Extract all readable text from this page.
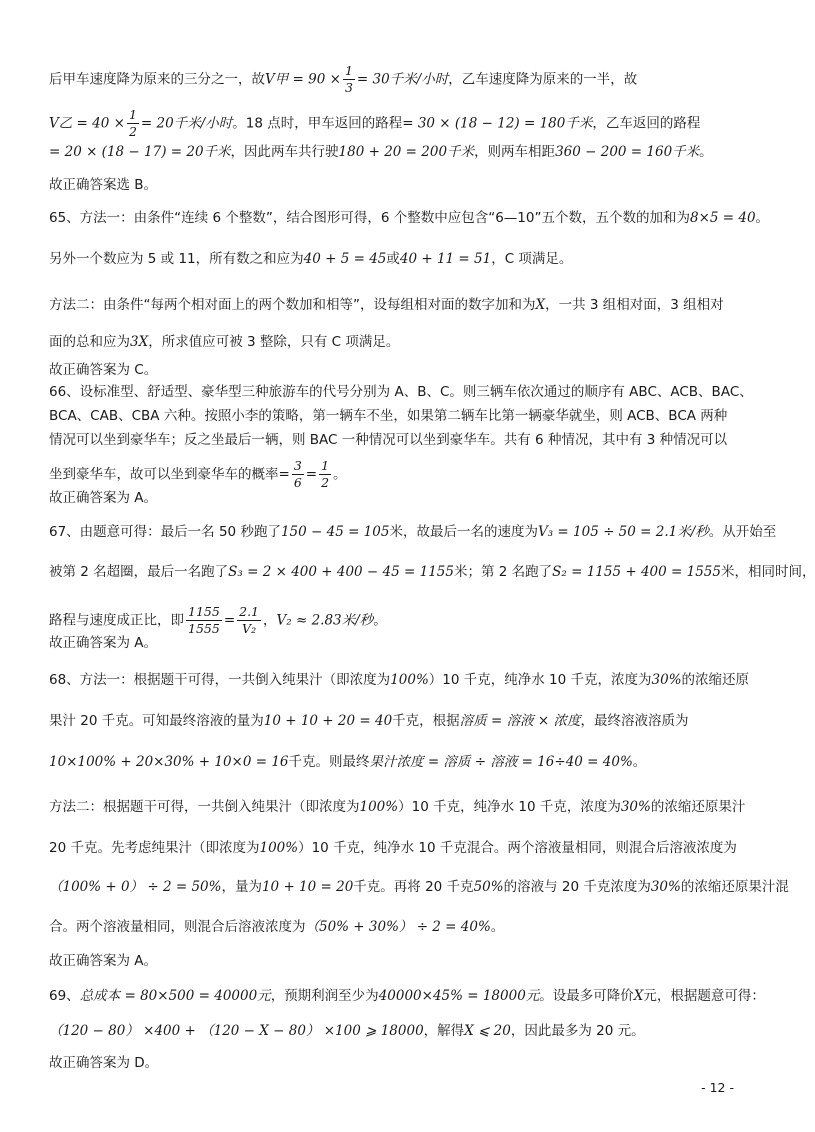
后甲车速度降为原来的三分之一，故V甲 = $90 \times \frac{1}{3} = 30$千米/小时，乙车速度降为原来的一半，故
V乙 = $40 \times \frac{1}{2} = 20$千米/小时。18 点时，甲车返回的路程= 30 × (18 − 12) = 180千米，乙车返回的路程
= 20 × (18 − 17) = 20千米，因此两车共行驶180 + 20 = 200千米，则两车相距360 − 200 = 160千米。
故正确答案选 B。
65、方法一：由条件“连续 6 个整数”，结合图形可得，6 个整数中应包含“6—10”五个数，五个数的加和为8×5 = 40。
另外一个数应为 5 或 11，所有数之和应为40 + 5 = 45或40 + 11 = 51，C 项满足。
方法二：由条件“每两个相对面上的两个数加和相等”，设每组相对面的数字加和为X，一共 3 组相对面，3 组相对
面的总和应为3X，所求值应可被 3 整除，只有 C 项满足。
故正确答案为 C。
66、设标准型、舒适型、豪华型三种旅游车的代号分别为 A、B、C。则三辆车依次通过的顺序有 ABC、ACB、BAC、
BCA、CAB、CBA 六种。按照小李的策略，第一辆车不坐，如果第二辆车比第一辆豪华就坐，则 ACB、BCA 两种
情况可以坐到豪华车；反之坐最后一辆，则 BAC 一种情况可以坐到豪华车。共有 6 种情况，其中有 3 种情况可以
坐到豪华车，故可以坐到豪华车的概率= $\frac{3}{6} = \frac{1}{2}$ 。
故正确答案为 A。
67、由题意可得：最后一名 50 秒跑了150 − 45 = 105米，故最后一名的速度为V₃ = 105 ÷ 50 = 2.1米/秒。从开始至
被第 2 名超圈，最后一名跑了S₃ = 2 × 400 + 400 − 45 = 1155米；第 2 名跑了S₂ = 1155 + 400 = 1555米，相同时间，
路程与速度成正比，即 $\frac{1155}{1555} = \frac{2.1}{\text{V₂}}$ ，V₂ ≈ 2.83米/秒。
故正确答案为 A。
68、方法一：根据题干可得，一共倒入纯果汁（即浓度为100%）10 千克，纯净水 10 千克，浓度为30%的浓缩还原
果汁 20 千克。可知最终溶液的量为10 + 10 + 20 = 40千克，根据溶质 = 溶液 × 浓度，最终溶液溶质为
10×100% + 20×30% + 10×0 = 16千克。则最终果汁浓度 = 溶质 ÷ 溶液 = 16÷40 = 40%。
方法二：根据题干可得，一共倒入纯果汁（即浓度为100%）10 千克，纯净水 10 千克，浓度为30%的浓缩还原果汁
20 千克。先考虑纯果汁（即浓度为100%）10 千克，纯净水 10 千克混合。两个溶液量相同，则混合后溶液浓度为
（100% + 0） ÷ 2 = 50%，量为10 + 10 = 20千克。再将 20 千克50%的溶液与 20 千克浓度为30%的浓缩还原果汁混
合。两个溶液量相同，则混合后溶液浓度为（50% + 30%） ÷ 2 = 40%。
故正确答案为 A。
69、总成本 = 80×500 = 40000元，预期利润至少为40000×45% = 18000元。设最多可降价X元，根据题意可得：
（120 − 80） ×400 + （120 − X − 80） ×100 ⩾ 18000，解得X ⩽ 20，因此最多为 20 元。
故正确答案为 D。
- 12 -
